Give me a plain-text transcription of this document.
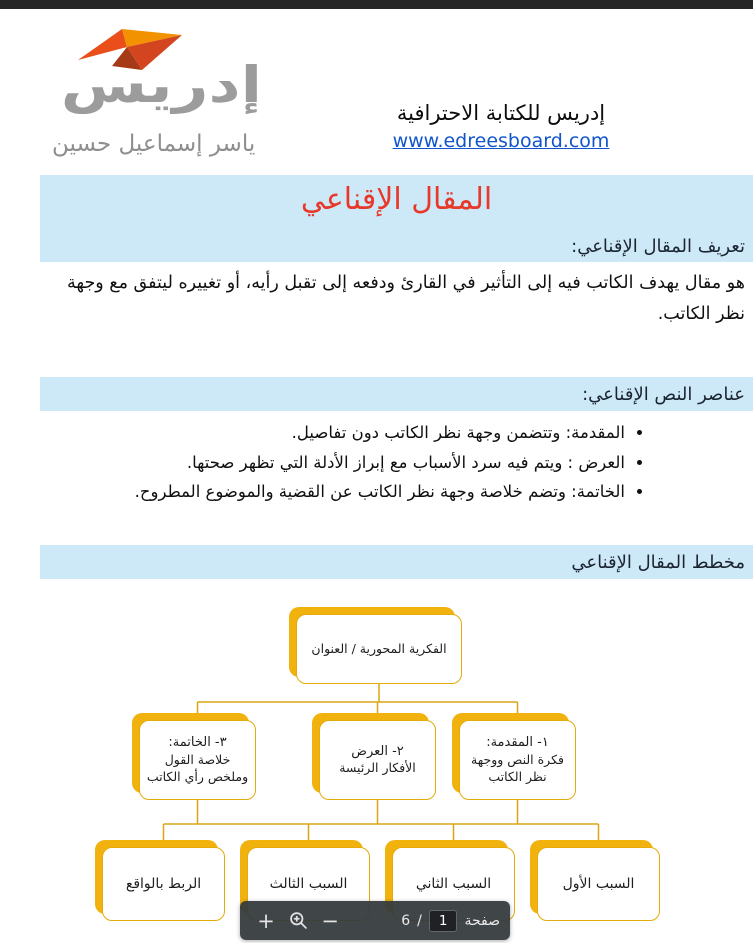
إدريس
ياسر إسماعيل حسين
إدريس للكتابة الاحترافية
www.edreesboard.com
المقال الإقناعي
تعريف المقال الإقناعي:

هو مقال يهدف الكاتب فيه إلى التأثير في القارئ ودفعه إلى تقبل رأيه، أو تغييره ليتفق مع وجهة نظر الكاتب.

عناصر النص الإقناعي:
• المقدمة: وتتضمن وجهة نظر الكاتب دون تفاصيل.
• العرض : ويتم فيه سرد الأسباب مع إبراز الأدلة التي تظهر صحتها.
• الخاتمة: وتضم خلاصة وجهة نظر الكاتب عن القضية والموضوع المطروح.
مخطط المقال الإقناعي
الفكرية المحورية / العنوان
١- المقدمة:
فكرة النص ووجهة نظر الكاتب
٢- العرض
الأفكار الرئيسة
٣- الخاتمة:
خلاصة القول وملخص رأي الكاتب
السبب الأول
السبب الثاني
السبب الثالث
الربط بالواقع
+	−	صفحة
1
/
6
